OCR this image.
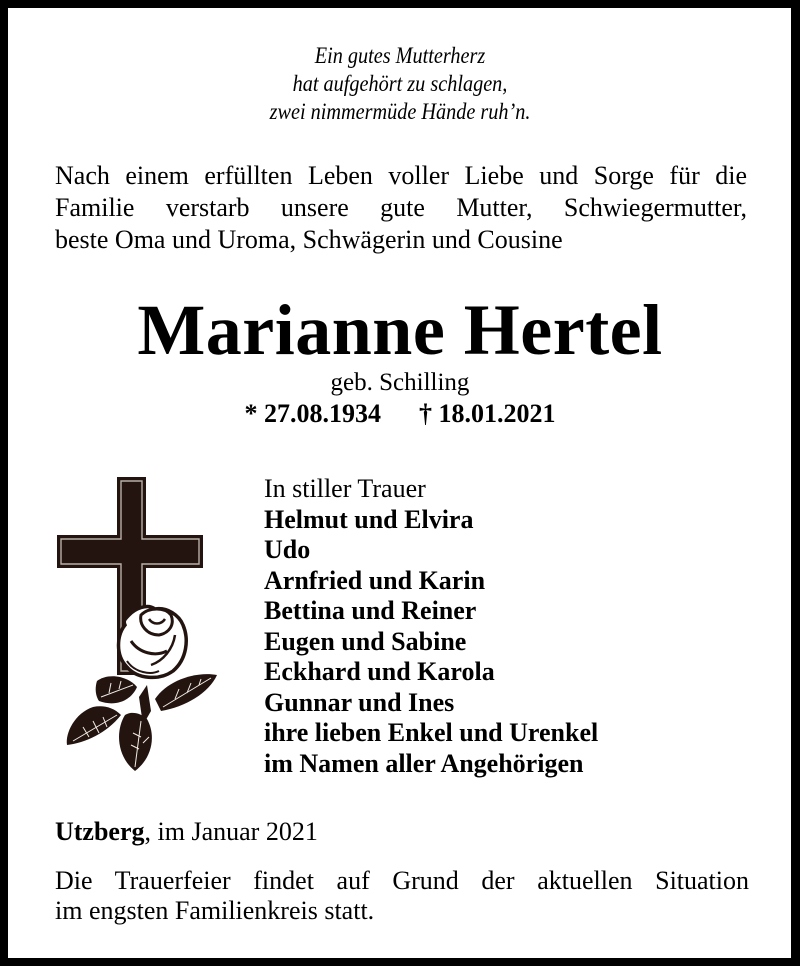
Ein gutes Mutterherz
hat aufgehört zu schlagen,
zwei nimmermüde Hände ruh’n.
Nach einem erfüllten Leben voller Liebe und Sorge für die
Familie verstarb unsere gute Mutter, Schwiegermutter,
beste Oma und Uroma, Schwägerin und Cousine
Marianne Hertel
geb. Schilling
* 27.08.1934 † 18.01.2021
In stiller Trauer
Helmut und Elvira
Udo
Arnfried und Karin
Bettina und Reiner
Eugen und Sabine
Eckhard und Karola
Gunnar und Ines
ihre lieben Enkel und Urenkel
im Namen aller Angehörigen
Utzberg, im Januar 2021
Die Trauerfeier findet auf Grund der aktuellen Situation
im engsten Familienkreis statt.
